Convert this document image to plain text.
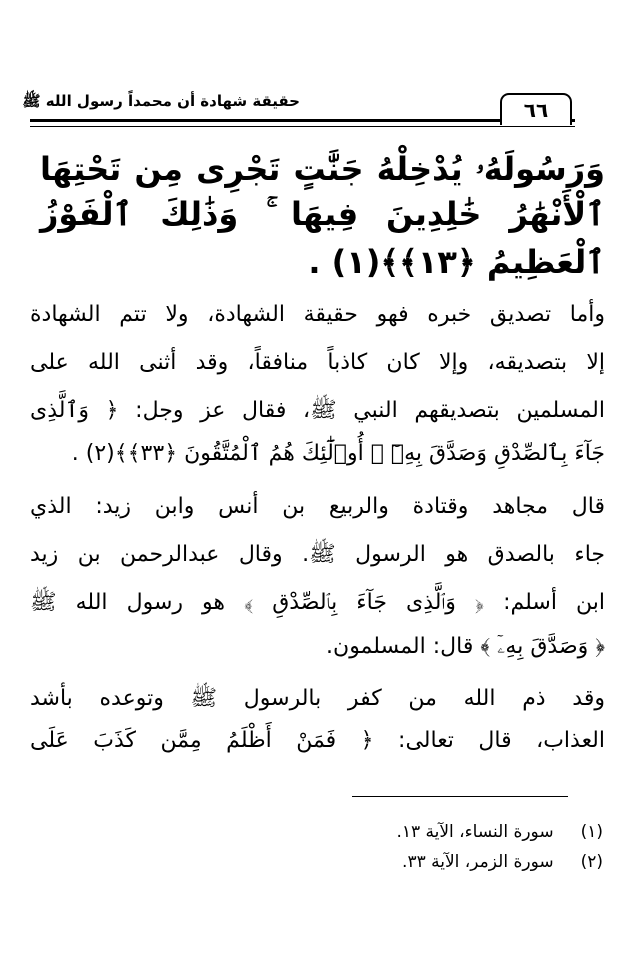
حقيقة شهادة أن محمداً رسول الله ﷺ	٦٦
وَرَسُولَهُۥ يُدْخِلْهُ جَنَّٰتٍ تَجْرِى مِن تَحْتِهَا
ٱلْأَنْهَٰرُ خَٰلِدِينَ فِيهَا ۚ وَذَٰلِكَ ٱلْفَوْزُ
ٱلْعَظِيمُ ﴿١٣﴾﴾(١) .
وأما تصديق خبره فهو حقيقة الشهادة، ولا تتم الشهادة
إلا بتصديقه، وإلا كان كاذباً منافقاً، وقد أثنى الله على
المسلمين بتصديقهم النبي ﷺ، فقال عز وجل: ﴿ وَٱلَّذِى
جَآءَ بِٱلصِّدْقِ وَصَدَّقَ بِهِۦٓ ۙ أُو۟لَٰٓئِكَ هُمُ ٱلْمُتَّقُونَ ﴿٣٣﴾﴾(٢) .
قال مجاهد وقتادة والربيع بن أنس وابن زيد: الذي
جاء بالصدق هو الرسول ﷺ. وقال عبدالرحمن بن زيد
ابن أسلم: ﴿ وَٱلَّذِى جَآءَ بِٱلصِّدْقِ ﴾ هو رسول الله ﷺ
﴿ وَصَدَّقَ بِهِۦٓ ﴾ قال: المسلمون.
وقد ذم الله من كفر بالرسول ﷺ وتوعده بأشد
العذاب، قال تعالى: ﴿ فَمَنْ أَظْلَمُ مِمَّن كَذَبَ عَلَى
(١) سورة النساء، الآية ١٣.
(٢) سورة الزمر، الآية ٣٣.
